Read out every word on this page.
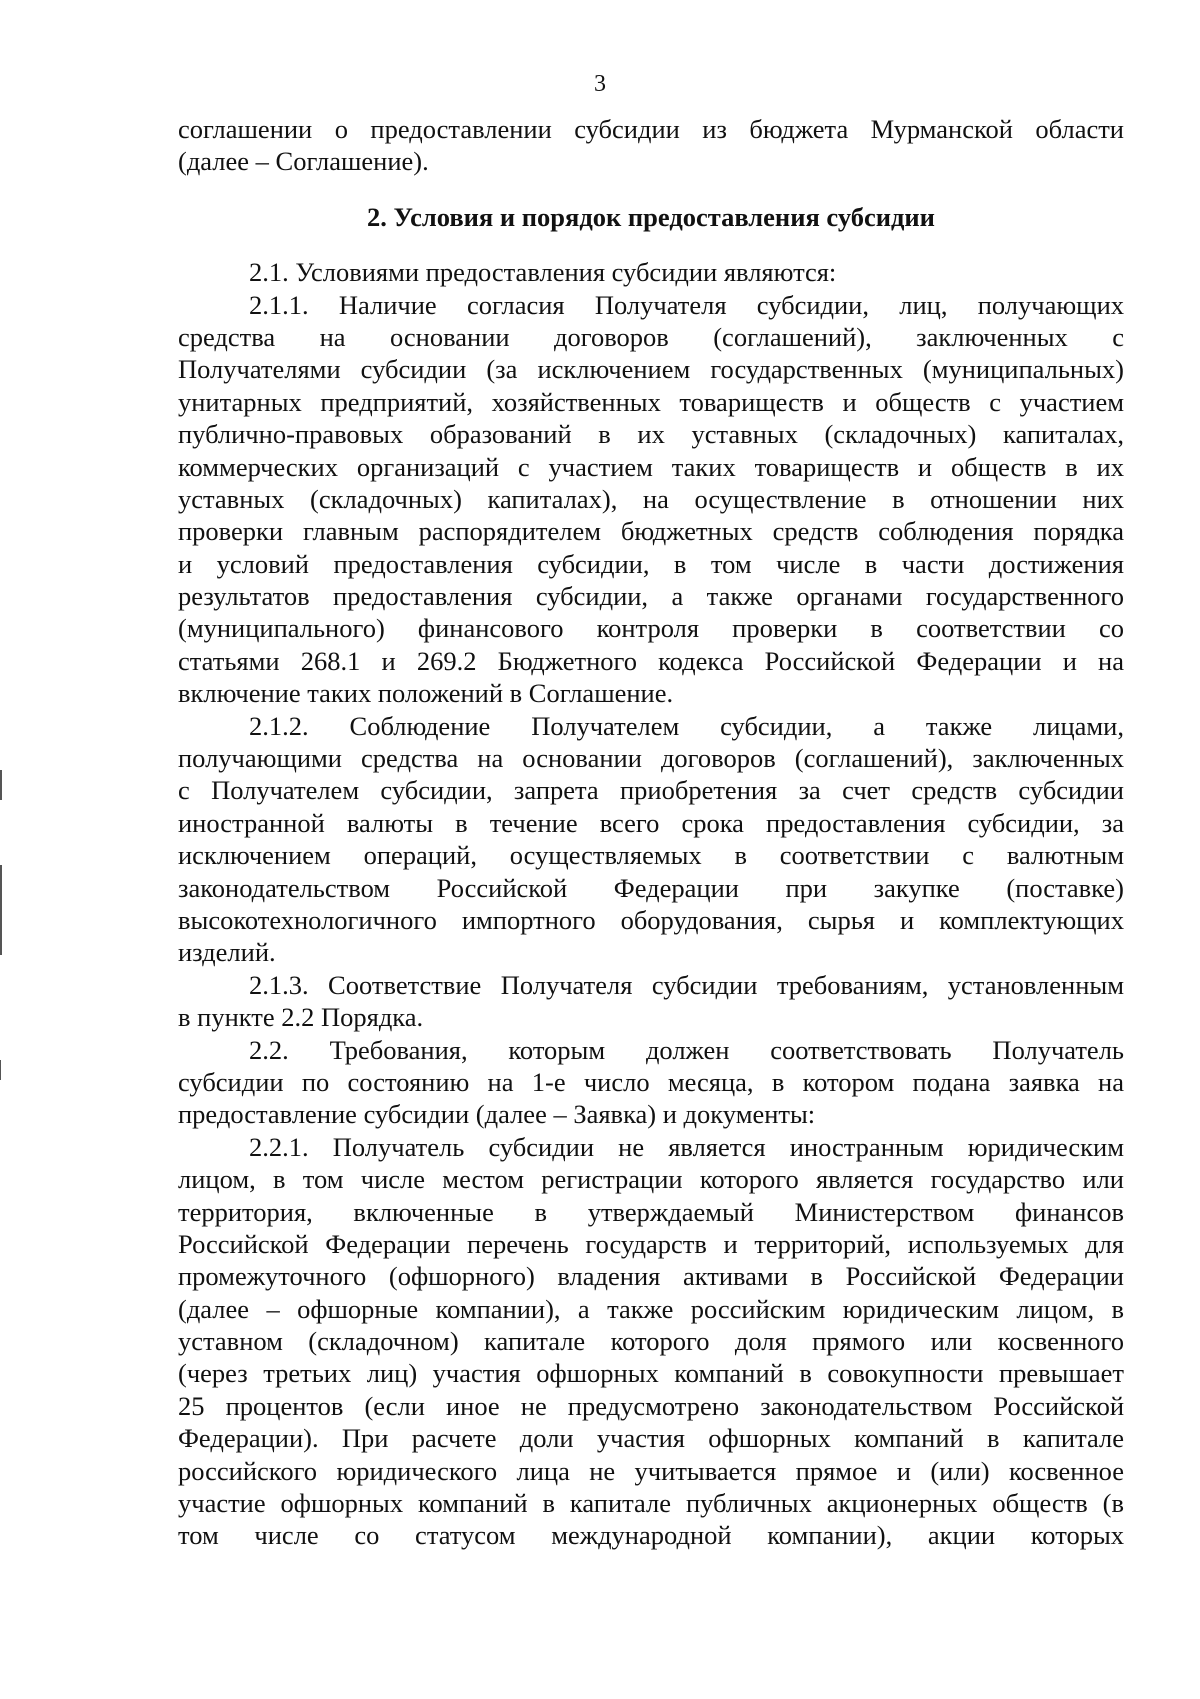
3
соглашении о предоставлении субсидии из бюджета Мурманской области
(далее – Соглашение).
2. Условия и порядок предоставления субсидии
2.1. Условиями предоставления субсидии являются:
2.1.1. Наличие согласия Получателя субсидии, лиц, получающих
средства на основании договоров (соглашений), заключенных с
Получателями субсидии (за исключением государственных (муниципальных)
унитарных предприятий, хозяйственных товариществ и обществ с участием
публично-правовых образований в их уставных (складочных) капиталах,
коммерческих организаций с участием таких товариществ и обществ в их
уставных (складочных) капиталах), на осуществление в отношении них
проверки главным распорядителем бюджетных средств соблюдения порядка
и условий предоставления субсидии, в том числе в части достижения
результатов предоставления субсидии, а также органами государственного
(муниципального) финансового контроля проверки в соответствии со
статьями 268.1 и 269.2 Бюджетного кодекса Российской Федерации и на
включение таких положений в Соглашение.
2.1.2. Соблюдение Получателем субсидии, а также лицами,
получающими средства на основании договоров (соглашений), заключенных
с Получателем субсидии, запрета приобретения за счет средств субсидии
иностранной валюты в течение всего срока предоставления субсидии, за
исключением операций, осуществляемых в соответствии с валютным
законодательством Российской Федерации при закупке (поставке)
высокотехнологичного импортного оборудования, сырья и комплектующих
изделий.
2.1.3. Соответствие Получателя субсидии требованиям, установленным
в пункте 2.2 Порядка.
2.2. Требования, которым должен соответствовать Получатель
субсидии по состоянию на 1-е число месяца, в котором подана заявка на
предоставление субсидии (далее – Заявка) и документы:
2.2.1. Получатель субсидии не является иностранным юридическим
лицом, в том числе местом регистрации которого является государство или
территория, включенные в утверждаемый Министерством финансов
Российской Федерации перечень государств и территорий, используемых для
промежуточного (офшорного) владения активами в Российской Федерации
(далее – офшорные компании), а также российским юридическим лицом, в
уставном (складочном) капитале которого доля прямого или косвенного
(через третьих лиц) участия офшорных компаний в совокупности превышает
25 процентов (если иное не предусмотрено законодательством Российской
Федерации). При расчете доли участия офшорных компаний в капитале
российского юридического лица не учитывается прямое и (или) косвенное
участие офшорных компаний в капитале публичных акционерных обществ (в
том числе со статусом международной компании), акции которых
